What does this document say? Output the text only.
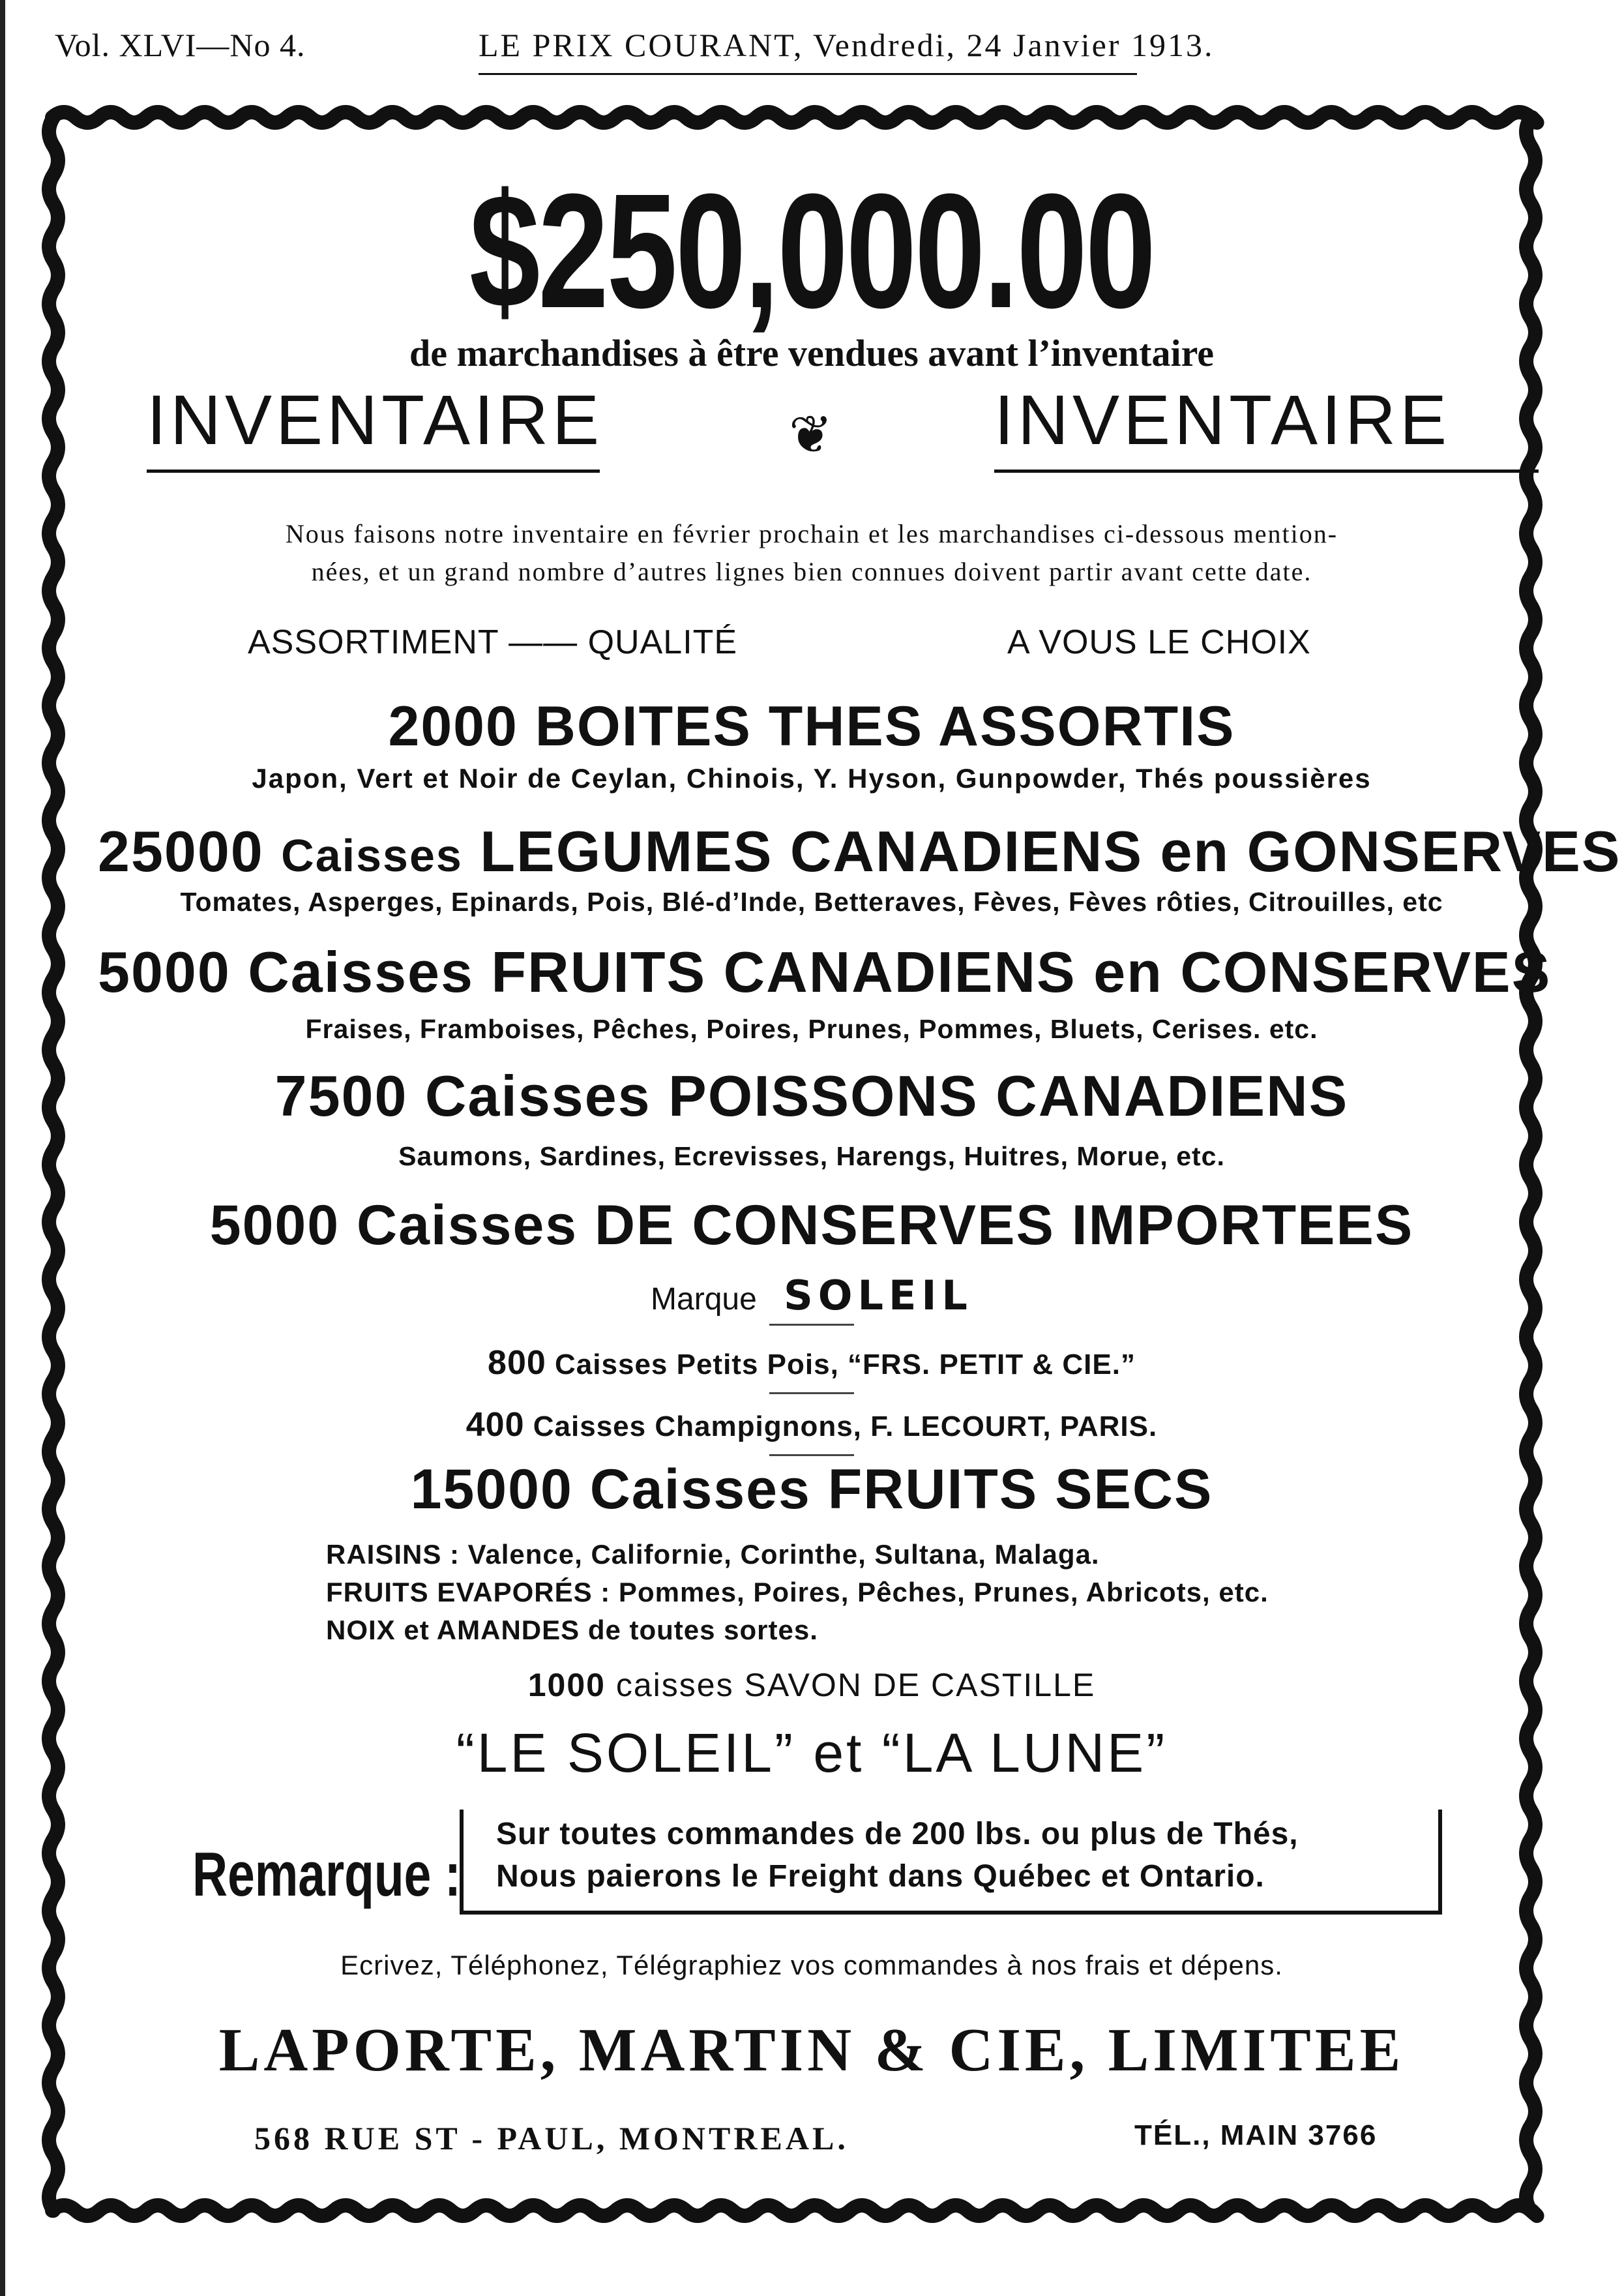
Vol. XLVI—No 4.	LE PRIX COURANT, Vendredi, 24 Janvier 1913.
$250,000.00
de marchandises à être vendues avant l’inventaire
INVENTAIRE	❦ INVENTAIRE
Nous faisons notre inventaire en février prochain et les marchandises ci-dessous mention-
nées, et un grand nombre d’autres lignes bien connues doivent partir avant cette date.
ASSORTIMENT —— QUALITÉ	A VOUS LE CHOIX
2000 BOITES THES ASSORTIS
Japon, Vert et Noir de Ceylan, Chinois, Y. Hyson, Gunpowder, Thés poussières
25000 Caisses LEGUMES CANADIENS en GONSERVES
Tomates, Asperges, Epinards, Pois, Blé-d’Inde, Betteraves, Fèves, Fèves rôties, Citrouilles, etc
5000 Caisses FRUITS CANADIENS en CONSERVES
Fraises, Framboises, Pêches, Poires, Prunes, Pommes, Bluets, Cerises. etc.
7500 Caisses POISSONS CANADIENS
Saumons, Sardines, Ecrevisses, Harengs, Huitres, Morue, etc.
5000 Caisses DE CONSERVES IMPORTEES
Marque SOLEIL
800 Caisses Petits Pois, “FRS. PETIT & CIE.”
400 Caisses Champignons, F. LECOURT, PARIS.
15000 Caisses FRUITS SECS
RAISINS : Valence, Californie, Corinthe, Sultana, Malaga.
FRUITS EVAPORÉS : Pommes, Poires, Pêches, Prunes, Abricots, etc.
NOIX et AMANDES de toutes sortes.
1000 caisses SAVON DE CASTILLE
“LE SOLEIL” et “LA LUNE”
Remarque :
Sur toutes commandes de 200 lbs. ou plus de Thés,
Nous paierons le Freight dans Québec et Ontario.
Ecrivez, Téléphonez, Télégraphiez vos commandes à nos frais et dépens.
LAPORTE, MARTIN & CIE, LIMITEE
568 RUE ST - PAUL, MONTREAL.	TÉL., MAIN 3766
